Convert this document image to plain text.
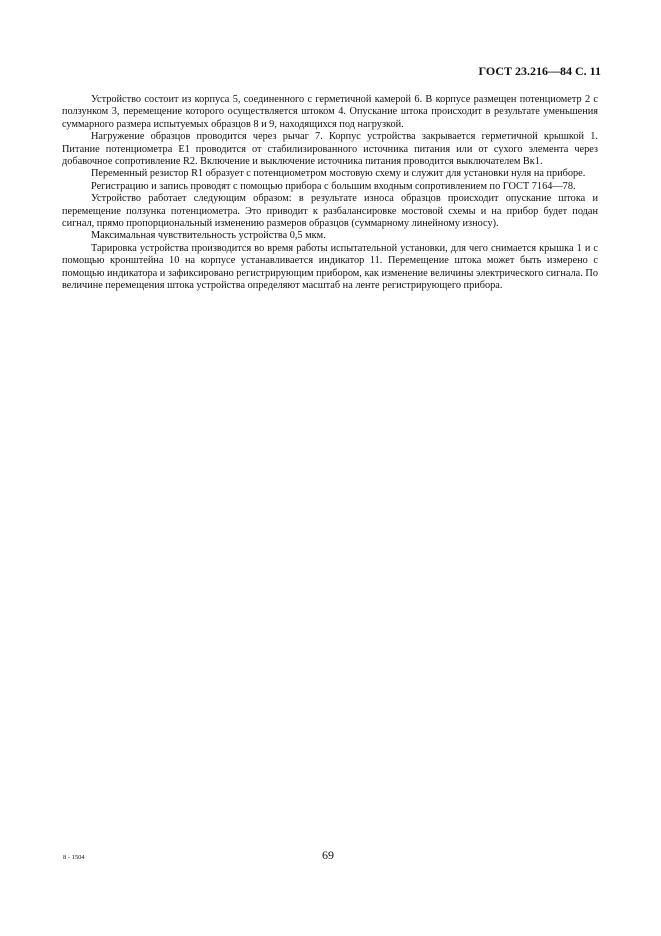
ГОСТ 23.216—84 С. 11

Устройство состоит из корпуса 5, соединенного с герметичной камерой 6. В корпусе размещен потенциометр 2 с ползунком 3, перемещение которого осуществляется штоком 4. Опускание штока происходит в результате уменьшения суммарного размера испытуемых образцов 8 и 9, находящихся под нагрузкой.

Нагружение образцов проводится через рычаг 7. Корпус устройства закрывается герметичной крышкой 1. Питание потенциометра E1 проводится от стабилизированного источника питания или от сухого элемента через добавочное сопротивление R2. Включение и выключение источника питания проводится выключателем Вк1.

Переменный резистор R1 образует с потенциометром мостовую схему и служит для установки нуля на приборе.

Регистрацию и запись проводят с помощью прибора с большим входным сопротивлением по ГОСТ 7164—78.

Устройство работает следующим образом: в результате износа образцов происходит опускание штока и перемещение ползунка потенциометра. Это приводит к разбалансировке мостовой схемы и на прибор будет подан сигнал, прямо пропорциональный изменению размеров образцов (суммарному линейному износу).

Максимальная чувствительность устройства 0,5 мкм.

Тарировка устройства производится во время работы испытательной установки, для чего снимается крышка 1 и с помощью кронштейна 10 на корпусе устанавливается индикатор 11. Перемещение штока может быть измерено с помощью индикатора и зафиксировано регистрирующим прибором, как изменение величины электрического сигнала. По величине перемещения штока устройства определяют масштаб на ленте регистрирующего прибора.

8 - 1504	69
